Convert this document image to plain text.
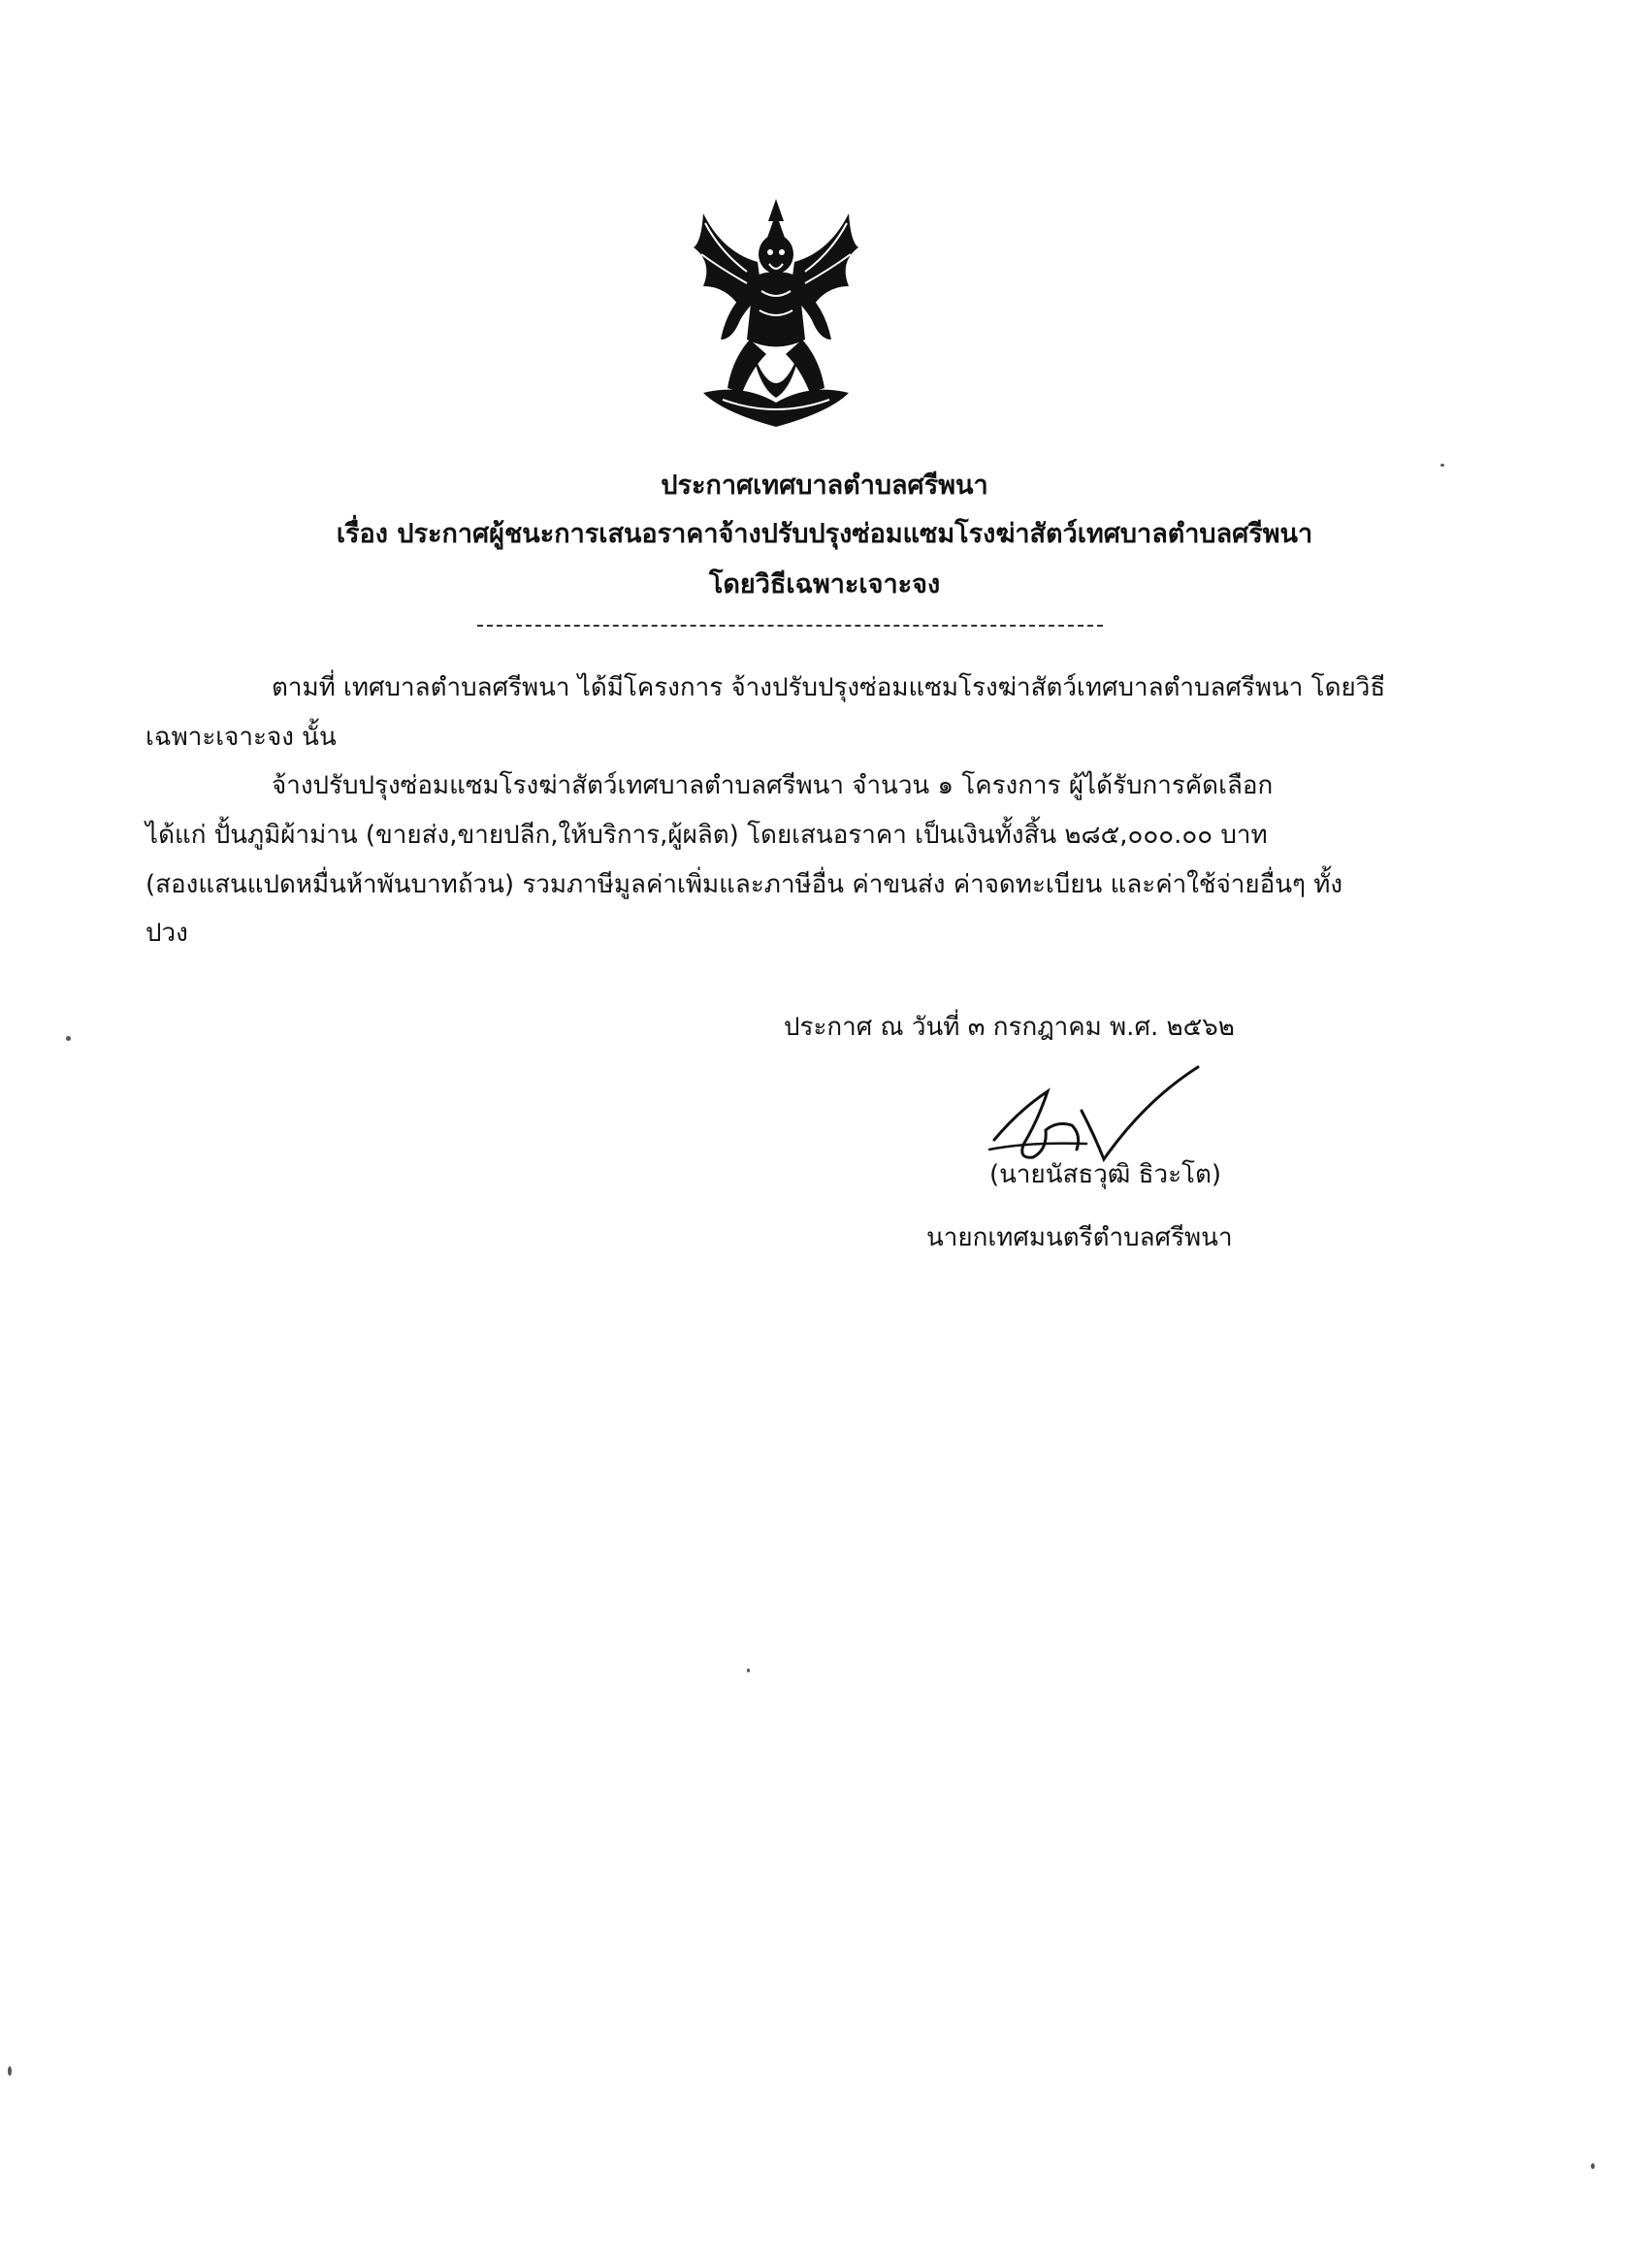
ประกาศเทศบาลตำบลศรีพนา
เรื่อง ประกาศผู้ชนะการเสนอราคาจ้างปรับปรุงซ่อมแซมโรงฆ่าสัตว์เทศบาลตำบลศรีพนา
โดยวิธีเฉพาะเจาะจง
ตามที่ เทศบาลตำบลศรีพนา ได้มีโครงการ จ้างปรับปรุงซ่อมแซมโรงฆ่าสัตว์เทศบาลตำบลศรีพนา โดยวิธี
เฉพาะเจาะจง นั้น
จ้างปรับปรุงซ่อมแซมโรงฆ่าสัตว์เทศบาลตำบลศรีพนา จำนวน ๑ โครงการ ผู้ได้รับการคัดเลือก
ได้แก่ ปั้นภูมิผ้าม่าน (ขายส่ง,ขายปลีก,ให้บริการ,ผู้ผลิต) โดยเสนอราคา เป็นเงินทั้งสิ้น ๒๘๕,๐๐๐.๐๐ บาท
(สองแสนแปดหมื่นห้าพันบาทถ้วน) รวมภาษีมูลค่าเพิ่มและภาษีอื่น ค่าขนส่ง ค่าจดทะเบียน และค่าใช้จ่ายอื่นๆ ทั้ง
ปวง
ประกาศ ณ วันที่ ๓ กรกฎาคม พ.ศ. ๒๕๖๒
(นายนัสธวุฒิ ธิวะโต)
นายกเทศมนตรีตำบลศรีพนา
